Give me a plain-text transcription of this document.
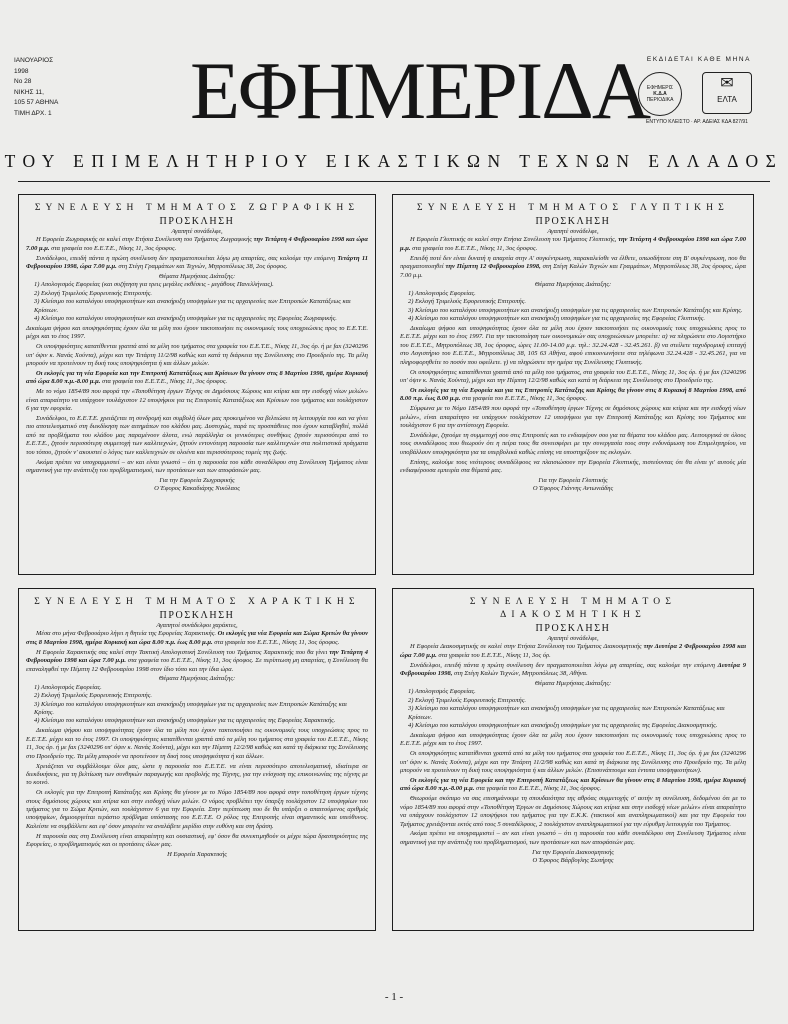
ΙΑΝΟΥΑΡΙΟΣ
1998
Νο 28
ΝΙΚΗΣ 11,
105 57 ΑΘΗΝΑ
ΤΙΜΗ ΔΡΧ. 1 ΕΦΗΜΕΡΙΔΑ
ΕΚΔΙΔΕΤΑΙ ΚΑΘΕ ΜΗΝΑ
ΕΦΗΜΕΡΙΣ
Κ.Δ.Α
ΠΕΡΙΟΔΙΚΑ
✉
ΕΛΤΑ
ΕΝΤΥΠΟ ΚΛΕΙΣΤΟ · ΑΡ. ΑΔΕΙΑΣ ΚΔΑ 827/91
ΤΟΥ ΕΠΙΜΕΛΗΤΗΡΙΟΥ ΕΙΚΑΣΤΙΚΩΝ ΤΕΧΝΩΝ ΕΛΛΑΔΟΣ
ΣΥΝΕΛΕΥΣΗ ΤΜΗΜΑΤΟΣ ΖΩΓΡΑΦΙΚΗΣ
ΠΡΟΣΚΛΗΣΗ
Αγαπητέ συνάδελφε,

Η Εφορεία Ζωγραφικής σε καλεί στην Ετήσια Συνέλευση του Τμήματος Ζωγραφικής την Τετάρτη 4 Φεβρουαρίου 1998 και ώρα 7.00 μ.μ. στα γραφεία του Ε.Ε.Τ.Ε., Νίκης 11, 3ος όροφος.

Συνάδελφοι, επειδή πάντα η πρώτη συνέλευση δεν πραγματοποιείται λόγω μη απαρτίας, σας καλούμε την επόμενη Τετάρτη 11 Φεβρουαρίου 1998, ώρα 7.00 μ.μ. στη Στέγη Γραμμάτων και Τεχνών, Μητροπόλεως 38, 2ος όροφος.

Θέματα Ημερήσιας Διάταξης:
1) Απολογισμός Εφορείας (και συζήτηση για τρεις μεγάλες εκθέσεις - μεγάθους Πανελλήνιας).
2) Εκλογή Τριμελούς Εφορευτικής Επιτροπής.
3) Κλείσιμο του καταλόγου υποψηφιοτήτων και ανακήρυξη υποψηφίων για τις αρχαιρεσίες των Επιτροπών Κατατάξεως και Κρίσεων.
4) Κλείσιμο του καταλόγου υποψηφιοτήτων και ανακήρυξη υποψηφίων για τις αρχαιρεσίες της Εφορείας Ζωγραφικής.

Δικαίωμα ψήφου και υποψηφιότητας έχουν όλα τα μέλη που έχουν τακτοποιήσει τις οικονομικές τους υποχρεώσεις προς το Ε.Ε.Τ.Ε. μέχρι και το έτος 1997.

Οι υποψηφιότητες κατατίθενται γραπτά από τα μέλη του τμήματος στα γραφεία του Ε.Ε.Τ.Ε., Νίκης 11, 3ος όρ. ή με fax (3240296 υπ' όψιν κ. Νανάς Χούντα), μέχρι και την Τετάρτη 11/2/98 καθώς και κατά τη διάρκεια της Συνέλευσης στο Προεδρείο της. Τα μέλη μπορούν να προτείνουν τη δική τους υποψηφιότητα ή και άλλων μελών.

Οι εκλογές για τη νέα Εφορεία και την Επιτροπή Κατατάξεως και Κρίσεων θα γίνουν στις 8 Μαρτίου 1998, ημέρα Κυριακή από ώρα 8.00 π.μ.-8.00 μ.μ. στα γραφεία του Ε.Ε.Τ.Ε., Νίκης 11, 3ος όροφος.

Με το νόμο 1854/89 που αφορά την «Τοποθέτηση έργων Τέχνης σε Δημόσιους Χώρους και κτίρια και την εισδοχή νέων μελών» είναι απαραίτητο να υπάρχουν τουλάχιστον 12 υποψήφιοι για τις Επιτροπές Κατατάξεως και Κρίσεων του τμήματος και τουλάχιστον 6 για την εφορεία.

Συνάδελφοι, το Ε.Ε.Τ.Ε. χρειάζεται τη συνδρομή και συμβολή όλων μας προκειμένου να βελτιώσει τη λειτουργία του και να γίνει πιο αποτελεσματικό στη διεκδίκηση των αιτημάτων του κλάδου μας. Δυστυχώς, παρά τις προσπάθειες που έχουν καταβληθεί, πολλά από τα προβλήματα του κλάδου μας παραμένουν άλυτα, ενώ παράλληλα οι γενικότερες συνθήκες ζητούν περισσότερα από το Ε.Ε.Τ.Ε., ζητούν περισσότερη συμμετοχή των καλλιτεχνών, ζητούν εντονότερη παρουσία των καλλιτεχνών στα πολιτιστικά πράγματα του τόπου, ζητούν ν' ακουστεί ο λόγος των καλλιτεχνών σε ολοένα και περισσότερους τομείς της ζωής.

Ακόμα πρέπει να υπογραμμιστεί – αν και είναι γνωστό – ότι η παρουσία του κάθε συναδέλφου στη Συνέλευση Τμήματος είναι σημαντική για την ανάπτυξη του προβληματισμού, των προτάσεων και των αποφάσεών μας.

Για την Εφορεία Ζωγραφικής
Ο Έφορος Κακαδιάρης Νικόλαος
ΣΥΝΕΛΕΥΣΗ ΤΜΗΜΑΤΟΣ ΓΛΥΠΤΙΚΗΣ
ΠΡΟΣΚΛΗΣΗ
Αγαπητέ συνάδελφε,

Η Εφορεία Γλυπτικής σε καλεί στην Ετήσια Συνέλευση του Τμήματος Γλυπτικής, την Τετάρτη 4 Φεβρουαρίου 1998 και ώρα 7.00 μ.μ. στα γραφεία του Ε.Ε.Τ.Ε., Νίκης 11, 3ος όροφος.

Επειδή ποτέ δεν είναι δυνατή η απαρτία στην Α' συγκέντρωση, παρακαλείσθε να έλθετε, οπωσδήποτε στη Β' συγκέντρωση, που θα πραγματοποιηθεί την Πέμπτη 12 Φεβρουαρίου 1998, στη Στέγη Καλών Τεχνών και Γραμμάτων, Μητροπόλεως 38, 2ος όροφος, ώρα 7.00 μ.μ.

Θέματα Ημερήσιας Διάταξης:
1) Απολογισμός Εφορείας.
2) Εκλογή Τριμελούς Εφορευτικής Επιτροπής.
3) Κλείσιμο του καταλόγου υποψηφιοτήτων και ανακήρυξη υποψηφίων για τις αρχαιρεσίες των Επιτροπών Κατάταξης και Κρίσης.
4) Κλείσιμο του καταλόγου υποψηφιοτήτων και ανακήρυξη υποψηφίων για τις αρχαιρεσίες της Εφορείας Γλυπτικής.

Δικαίωμα ψήφου και υποψηφιότητας έχουν όλα τα μέλη που έχουν τακτοποιήσει τις οικονομικές τους υποχρεώσεις προς το Ε.Ε.Τ.Ε. μέχρι και το έτος 1997. Για την τακτοποίηση των οικονομικών σας υποχρεώσεων μπορείτε: α) να πληρώσετε στο Λογιστήριο του Ε.Ε.Τ.Ε., Μητροπόλεως 38, 1ος όροφος, ώρες 11.00-14.00 μ.μ. τηλ.: 32.24.428 - 32.45.261. β) να στείλετε ταχυδρομική επιταγή στο Λογιστήριο του Ε.Ε.Τ.Ε., Μητροπόλεως 38, 105 63 Αθήνα, αφού επικοινωνήσετε στα τηλέφωνα 32.24.428 - 32.45.261, για να πληροφορηθείτε το ποσόν που οφείλετε. γ) να πληρώσετε την ημέρα της Συνέλευσης Γλυπτικής.

Οι υποψηφιότητες κατατίθενται γραπτά από τα μέλη του τμήματος, στα γραφεία του Ε.Ε.Τ.Ε., Νίκης 11, 3ος όρ. ή με fax (3240296 υπ' όψιν κ. Νανάς Χούντα), μέχρι και την Πέμπτη 12/2/98 καθώς και κατά τη διάρκεια της Συνέλευσης στο Προεδρείο της.

Οι εκλογές για τη νέα Εφορεία και για τις Επιτροπές Κατάταξης και Κρίσης θα γίνουν στις 8 Κυριακή 8 Μαρτίου 1998, από 8.00 π.μ. έως 8.00 μ.μ. στα γραφεία του Ε.Ε.Τ.Ε., Νίκης 11, 3ος όροφος.

Σύμφωνα με το Νόμο 1854/89 που αφορά την «Τοποθέτηση έργων Τέχνης σε δημόσιους χώρους και κτίρια και την εισδοχή νέων μελών», είναι απαραίτητο να υπάρχουν τουλάχιστον 12 υποψήφιοι για την Επιτροπή Κατάταξης και Κρίσης του Τμήματος και τουλάχιστον 6 για την αντίστοιχη Εφορεία.

Συνάδελφε, ζητούμε τη συμμετοχή σου στις Επιτροπές και το ενδιαφέρον σου για τα θέματα του κλάδου μας. Λειτουργικά σε όλους τους συναδέλφους που θεωρούν ότι η πείρα τους θα συνεισφέρει με την συνεργασία τους στην ενδυνάμωση του Επιμελητηρίου, να υποβάλλουν υποψηφιότητα για τα υπερβολικά καθώς επίσης να υποστηρίξουν τις εκλογών.

Επίσης, καλούμε τους νεότερους συναδέλφους να πλαισιώσουν την Εφορεία Γλυπτικής, πιστεύοντας ότι θα είναι γι' αυτούς μία ενδιαφέρουσα εμπειρία στα θέματά μας.

Για την Εφορεία Γλυπτικής
Ο Έφορος Γιάννης Αντωνιάδης
ΣΥΝΕΛΕΥΣΗ ΤΜΗΜΑΤΟΣ ΧΑΡΑΚΤΙΚΗΣ
ΠΡΟΣΚΛΗΣΗ
Αγαπητοί συνάδελφοι χαράκτες,

Μέσα στο μήνα Φεβρουάριο λήγει η θητεία της Εφορείας Χαρακτικής. Οι εκλογές για νέα Εφορεία και Σώμα Κριτών θα γίνουν στις 8 Μαρτίου 1998, ημέρα Κυριακή και ώρα 8.00 π.μ. έως 8.00 μ.μ. στα γραφεία του Ε.Ε.Τ.Ε., Νίκης 11, 3ος όροφος.

Η Εφορεία Χαρακτικής σας καλεί στην Τακτική Απολογιστική Συνέλευση του Τμήματος Χαρακτικής που θα γίνει την Τετάρτη 4 Φεβρουαρίου 1998 και ώρα 7.00 μ.μ. στα γραφεία του Ε.Ε.Τ.Ε., Νίκης 11, 3ος όροφος. Σε περίπτωση μη απαρτίας, η Συνέλευση θα επαναληφθεί την Πέμπτη 12 Φεβρουαρίου 1998 στον ίδιο τόπο και την ίδια ώρα.

Θέματα Ημερήσιας Διάταξης:
1) Απολογισμός Εφορείας.
2) Εκλογή Τριμελούς Εφορευτικής Επιτροπής.
3) Κλείσιμο του καταλόγου υποψηφιοτήτων και ανακήρυξη υποψηφίων για τις αρχαιρεσίες των Επιτροπών Κατάταξης και Κρίσης.
4) Κλείσιμο του καταλόγου υποψηφιοτήτων και ανακήρυξη υποψηφίων για τις αρχαιρεσίες της Εφορείας Χαρακτικής.

Δικαίωμα ψήφου και υποψηφιότητας έχουν όλα τα μέλη που έχουν τακτοποιήσει τις οικονομικές τους υποχρεώσεις προς το Ε.Ε.Τ.Ε. μέχρι και το έτος 1997. Οι υποψηφιότητες κατατίθενται γραπτά από τα μέλη του τμήματος στα γραφεία του Ε.Ε.Τ.Ε., Νίκης 11, 3ος όρ. ή με fax (3240296 υπ' όψιν κ. Νανάς Χούντα), μέχρι και την Πέμπτη 12/2/98 καθώς και κατά τη διάρκεια της Συνέλευσης στο Προεδρείο της. Τα μέλη μπορούν να προτείνουν τη δική τους υποψηφιότητα ή και άλλων.

Χρειάζεται να συμβάλλουμε όλοι μας, ώστε η παρουσία του Ε.Ε.Τ.Ε. να είναι περισσότερο αποτελεσματική, ιδιαίτερα σε διεκδικήσεις, για τη βελτίωση των συνθηκών παραγωγής και προβολής της Τέχνης, για την ενίσχυση της επικοινωνίας της τέχνης με το κοινό.

Οι εκλογές για την Επιτροπή Κατάταξης και Κρίσης θα γίνουν με το Νόμο 1854/89 που αφορά στην τοποθέτηση έργων τέχνης στους δημόσιους χώρους και κτίρια και στην εισδοχή νέων μελών. Ο νόμος προβλέπει την ύπαρξη τουλάχιστον 12 υποψηφίων του τμήματος για το Σώμα Κριτών, και τουλάχιστον 6 για την Εφορεία. Στην περίπτωση που δε θα υπάρξει ο απαιτούμενος αριθμός υποψηφίων, δημιουργείται τεράστιο πρόβλημα υπόστασης του Ε.Ε.Τ.Ε. Ο ρόλος της Επιτροπής είναι σημαντικός και υπεύθυνος. Καλείστε να συμβάλλετε και εφ' όσον μπορείτε να αναλάβετε μερίδιο στην ευθύνη και στη δράση.

Η παρουσία σας στη Συνέλευση είναι απαραίτητη και ουσιαστική, εφ' όσον θα συνεκτιμηθούν οι μέχρι τώρα δραστηριότητες της Εφορείας, ο προβληματισμός και οι προτάσεις όλων μας.

Η Εφορεία Χαρακτικής
ΣΥΝΕΛΕΥΣΗ ΤΜΗΜΑΤΟΣ ΔΙΑΚΟΣΜΗΤΙΚΗΣ
ΠΡΟΣΚΛΗΣΗ
Αγαπητέ συνάδελφε,

Η Εφορεία Διακοσμητικής σε καλεί στην Ετήσια Συνέλευση του Τμήματος Διακοσμητικής την Δευτέρα 2 Φεβρουαρίου 1998 και ώρα 7.00 μ.μ. στα γραφεία του Ε.Ε.Τ.Ε., Νίκης 11, 3ος όρ.

Συνάδελφοι, επειδή πάντα η πρώτη συνέλευση δεν πραγματοποιείται λόγω μη απαρτίας, σας καλούμε την επόμενη Δευτέρα 9 Φεβρουαρίου 1998, στη Στέγη Καλών Τεχνών, Μητροπόλεως 38, Αθήνα.

Θέματα Ημερήσιας Διάταξης:
1) Απολογισμός Εφορείας.
2) Εκλογή Τριμελούς Εφορευτικής Επιτροπής.
3) Κλείσιμο του καταλόγου υποψηφιοτήτων και ανακήρυξη υποψηφίων για τις αρχαιρεσίες των Επιτροπών Κατατάξεως και Κρίσεων.
4) Κλείσιμο του καταλόγου υποψηφιοτήτων και ανακήρυξη υποψηφίων για τις αρχαιρεσίες της Εφορείας Διακοσμητικής.

Δικαίωμα ψήφου και υποψηφιότητας έχουν όλα τα μέλη που έχουν τακτοποιήσει τις οικονομικές τους υποχρεώσεις προς το Ε.Ε.Τ.Ε. μέχρι και το έτος 1997.

Οι υποψηφιότητες κατατίθενται γραπτά από τα μέλη του τμήματος στα γραφεία του Ε.Ε.Τ.Ε., Νίκης 11, 3ος όρ. ή με fax (3240296 υπ' όψιν κ. Νανάς Χούντα), μέχρι και την Τετάρτη 11/2/98 καθώς και κατά τη διάρκεια της Συνέλευσης στο Προεδρείο της. Τα μέλη μπορούν να προτείνουν τη δική τους υποψηφιότητα ή και άλλων μελών. (Επισυνάπτουμε και έντυπα υποψηφιοτήτων).

Οι εκλογές για τη νέα Εφορεία και την Επιτροπή Κατατάξεως και Κρίσεων θα γίνουν στις 8 Μαρτίου 1998, ημέρα Κυριακή από ώρα 8.00 π.μ.-8.00 μ.μ. στα γραφεία του Ε.Ε.Τ.Ε., Νίκης 11, 3ος όροφος.

Θεωρούμε σκόπιμο να σας επισημάνουμε τη σπουδαιότητα της αθρόας συμμετοχής σ' αυτήν τη συνέλευση, δεδομένου ότι με το νόμο 1854/89 που αφορά στην «Τοποθέτηση Έργων σε Δημόσιους Χώρους και κτίρια και στην εισδοχή νέων μελών» είναι απαραίτητο να υπάρχουν τουλάχιστον 12 υποψήφιοι του τμήματος για την Ε.Κ.Κ. (τακτικοί και αναπληρωματικοί) και για την Εφορεία του Τμήματος χρειάζονται εκτός από τους 5 συναδέλφους, 2 τουλάχιστον αναπληρωματικοί για την εύρυθμη λειτουργία του Τμήματος.

Ακόμα πρέπει να υπογραμμιστεί – αν και είναι γνωστό – ότι η παρουσία του κάθε συναδέλφου στη Συνέλευση Τμήματος είναι σημαντική για την ανάπτυξη του προβληματισμού, των προτάσεων και των αποφάσεών μας.

Για την Εφορεία Διακοσμητικής
Ο Έφορος Βάρβογλης Σωτήρης
- 1 -
